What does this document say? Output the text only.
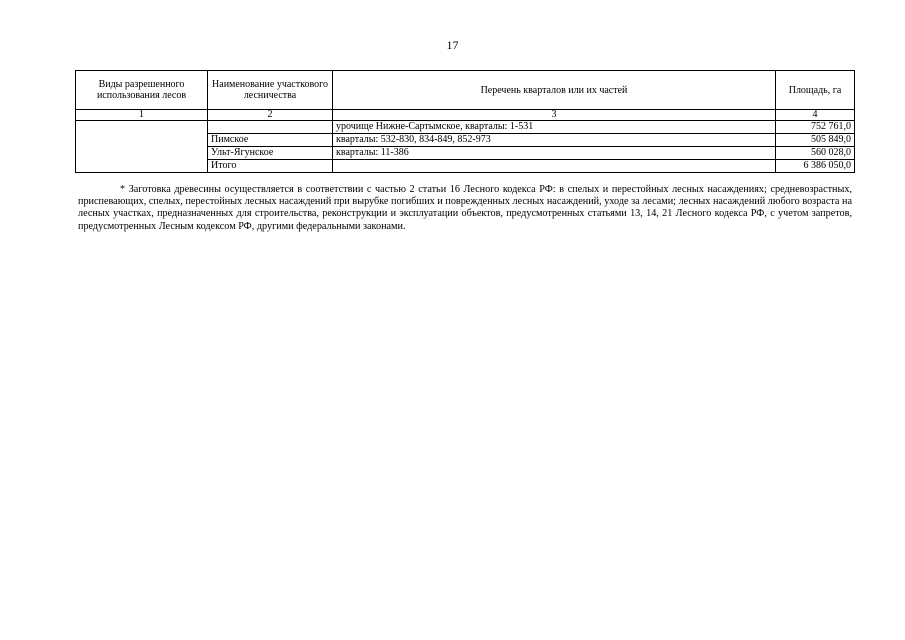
17
Виды разрешенного использования лесов	Наименование участкового лесничества	Перечень кварталов или их частей	Площадь, га
1	2	3	4
		урочище Нижне-Сартымское, кварталы: 1-531	752 761,0
	Пимское	кварталы: 532-830, 834-849, 852-973	505 849,0
	Ульт-Ягунское	кварталы: 11-386	560 028,0
	Итого		6 386 050,0
* Заготовка древесины осуществляется в соответствии с частью 2 статьи 16 Лесного кодекса РФ: в спелых и перестойных лесных насаждениях; средневозрастных, приспевающих, спелых, перестойных лесных насаждений при вырубке погибших и поврежденных лесных насаждений, уходе за лесами; лесных насаждений любого возраста на лесных участках, предназначенных для строительства, реконструкции и эксплуатации объектов, предусмотренных статьями 13, 14, 21 Лесного кодекса РФ, с учетом запретов, предусмотренных Лесным кодексом РФ, другими федеральными законами.
